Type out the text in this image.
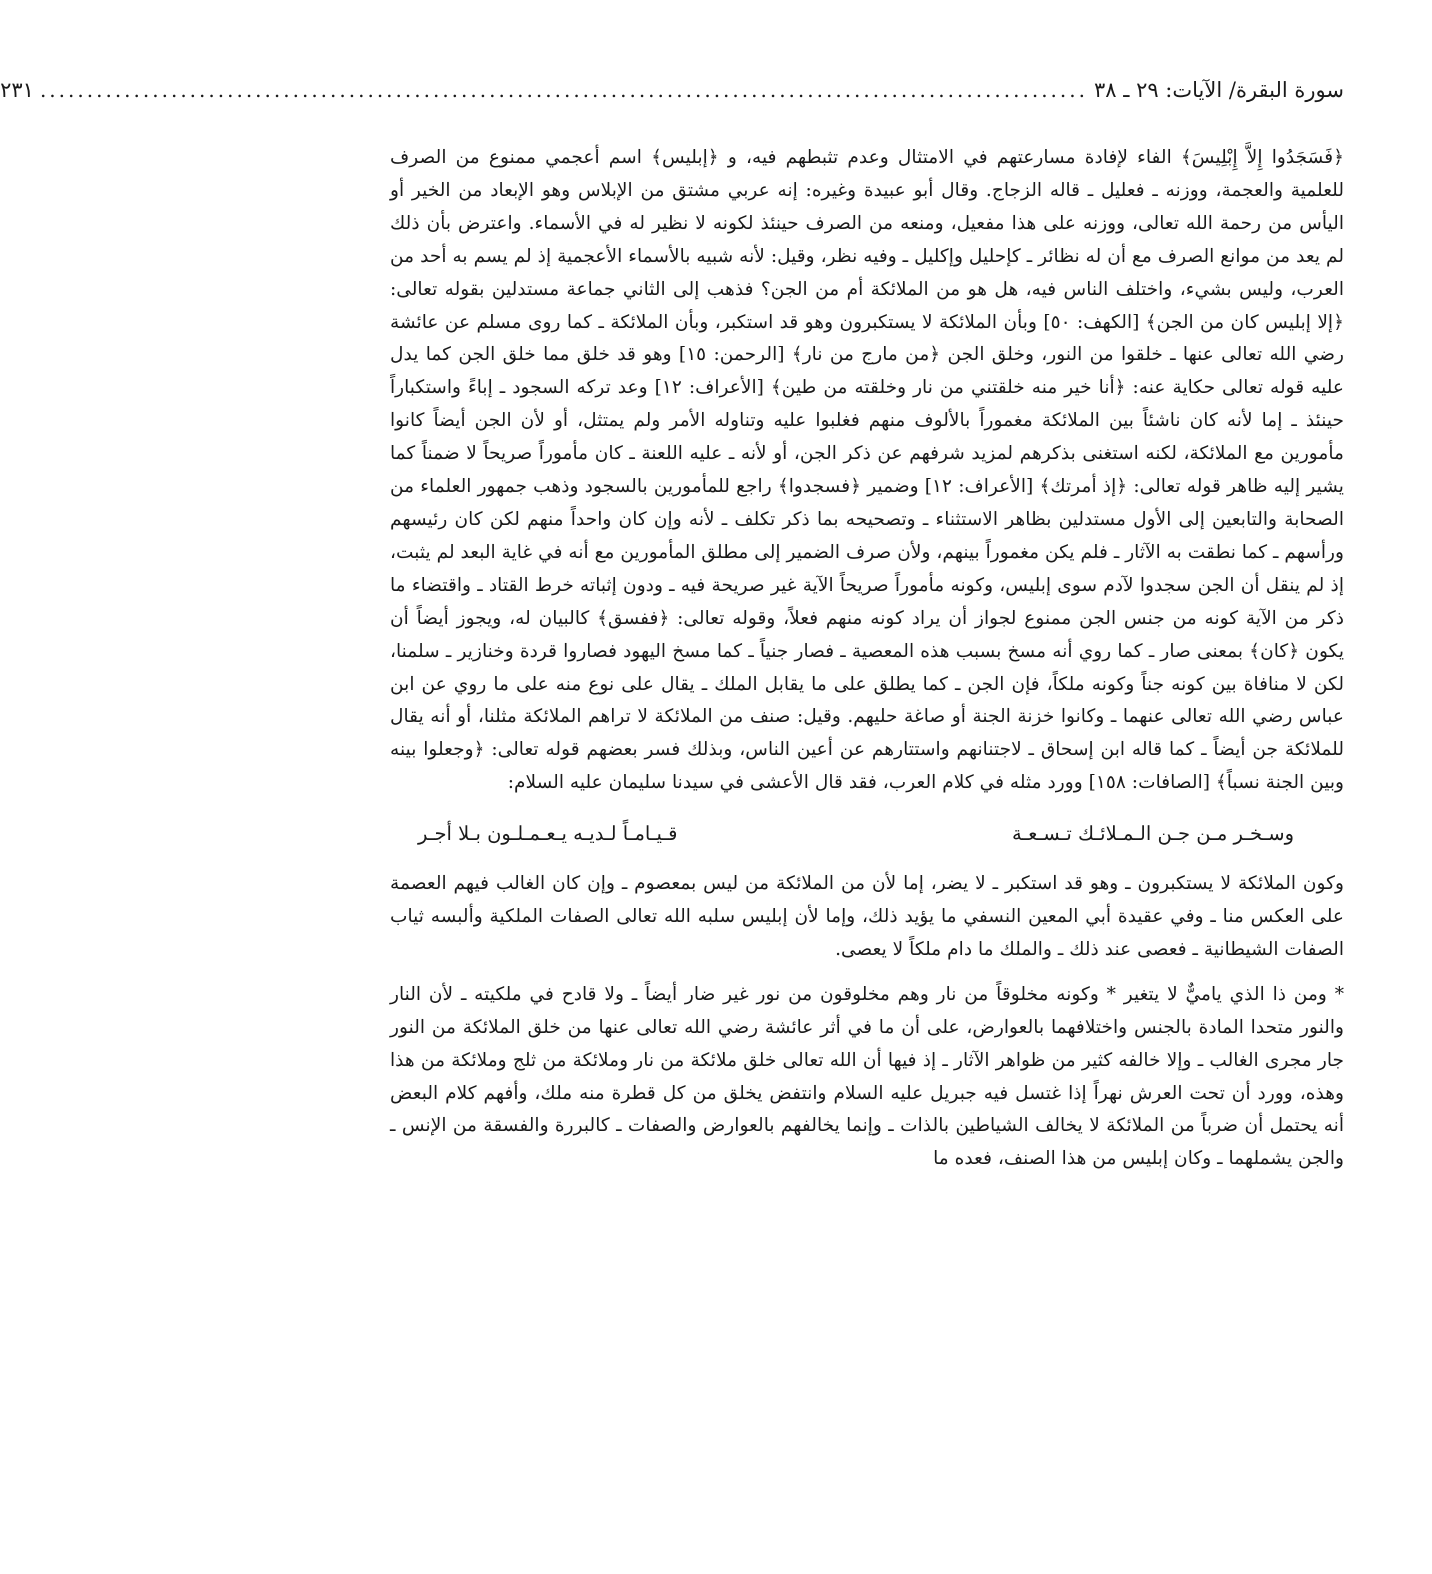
سورة البقرة/ الآيات: ٢٩ ـ ٣٨
................................................................................................................
٢٣١

﴿فَسَجَدُوا إِلاَّ إِبْلِيسَ﴾ الفاء لإفادة مسارعتهم في الامتثال وعدم تثبطهم فيه، و ﴿إبليس﴾ اسم أعجمي ممنوع من الصرف للعلمية والعجمة، ووزنه ـ فعليل ـ قاله الزجاج. وقال أبو عبيدة وغيره: إنه عربي مشتق من الإبلاس وهو الإبعاد من الخير أو اليأس من رحمة الله تعالى، ووزنه على هذا مفعيل، ومنعه من الصرف حينئذ لكونه لا نظير له في الأسماء. واعترض بأن ذلك لم يعد من موانع الصرف مع أن له نظائر ـ كإحليل وإكليل ـ وفيه نظر، وقيل: لأنه شبيه بالأسماء الأعجمية إذ لم يسم به أحد من العرب، وليس بشيء، واختلف الناس فيه، هل هو من الملائكة أم من الجن؟ فذهب إلى الثاني جماعة مستدلين بقوله تعالى: ﴿إلا إبليس كان من الجن﴾ [الكهف: ٥٠] وبأن الملائكة لا يستكبرون وهو قد استكبر، وبأن الملائكة ـ كما روى مسلم عن عائشة رضي الله تعالى عنها ـ خلقوا من النور، وخلق الجن ﴿من مارج من نار﴾ [الرحمن: ١٥] وهو قد خلق مما خلق الجن كما يدل عليه قوله تعالى حكاية عنه: ﴿أنا خير منه خلقتني من نار وخلقته من طين﴾ [الأعراف: ١٢] وعد تركه السجود ـ إباءً واستكباراً حينئذ ـ إما لأنه كان ناشئاً بين الملائكة مغموراً بالألوف منهم فغلبوا عليه وتناوله الأمر ولم يمتثل، أو لأن الجن أيضاً كانوا مأمورين مع الملائكة، لكنه استغنى بذكرهم لمزيد شرفهم عن ذكر الجن، أو لأنه ـ عليه اللعنة ـ كان مأموراً صريحاً لا ضمناً كما يشير إليه ظاهر قوله تعالى: ﴿إذ أمرتك﴾ [الأعراف: ١٢] وضمير ﴿فسجدوا﴾ راجع للمأمورين بالسجود وذهب جمهور العلماء من الصحابة والتابعين إلى الأول مستدلين بظاهر الاستثناء ـ وتصحيحه بما ذكر تكلف ـ لأنه وإن كان واحداً منهم لكن كان رئيسهم ورأسهم ـ كما نطقت به الآثار ـ فلم يكن مغموراً بينهم، ولأن صرف الضمير إلى مطلق المأمورين مع أنه في غاية البعد لم يثبت، إذ لم ينقل أن الجن سجدوا لآدم سوى إبليس، وكونه مأموراً صريحاً الآية غير صريحة فيه ـ ودون إثباته خرط القتاد ـ واقتضاء ما ذكر من الآية كونه من جنس الجن ممنوع لجواز أن يراد كونه منهم فعلاً، وقوله تعالى: ﴿ففسق﴾ كالبيان له، ويجوز أيضاً أن يكون ﴿كان﴾ بمعنى صار ـ كما روي أنه مسخ بسبب هذه المعصية ـ فصار جنياً ـ كما مسخ اليهود فصاروا قردة وخنازير ـ سلمنا، لكن لا منافاة بين كونه جناً وكونه ملكاً، فإن الجن ـ كما يطلق على ما يقابل الملك ـ يقال على نوع منه على ما روي عن ابن عباس رضي الله تعالى عنهما ـ وكانوا خزنة الجنة أو صاغة حليهم. وقيل: صنف من الملائكة لا تراهم الملائكة مثلنا، أو أنه يقال للملائكة جن أيضاً ـ كما قاله ابن إسحاق ـ لاجتنانهم واستتارهم عن أعين الناس، وبذلك فسر بعضهم قوله تعالى: ﴿وجعلوا بينه وبين الجنة نسباً﴾ [الصافات: ١٥٨] وورد مثله في كلام العرب، فقد قال الأعشى في سيدنا سليمان عليه السلام:

وسـخـر مـن جـن الـمـلائـك تـسـعـة
قـيـامـاً لـديـه يـعـمـلـون بـلا أجـر

وكون الملائكة لا يستكبرون ـ وهو قد استكبر ـ لا يضر، إما لأن من الملائكة من ليس بمعصوم ـ وإن كان الغالب فيهم العصمة على العكس منا ـ وفي عقيدة أبي المعين النسفي ما يؤيد ذلك، وإما لأن إبليس سلبه الله تعالى الصفات الملكية وألبسه ثياب الصفات الشيطانية ـ فعصى عند ذلك ـ والملك ما دام ملكاً لا يعصى.

* ومن ذا الذي ياميٌّ لا يتغير * وكونه مخلوقاً من نار وهم مخلوقون من نور غير ضار أيضاً ـ ولا قادح في ملكيته ـ لأن النار والنور متحدا المادة بالجنس واختلافهما بالعوارض، على أن ما في أثر عائشة رضي الله تعالى عنها من خلق الملائكة من النور جار مجرى الغالب ـ وإلا خالفه كثير من ظواهر الآثار ـ إذ فيها أن الله تعالى خلق ملائكة من نار وملائكة من ثلج وملائكة من هذا وهذه، وورد أن تحت العرش نهراً إذا غتسل فيه جبريل عليه السلام وانتفض يخلق من كل قطرة منه ملك، وأفهم كلام البعض أنه يحتمل أن ضرباً من الملائكة لا يخالف الشياطين بالذات ـ وإنما يخالفهم بالعوارض والصفات ـ كالبررة والفسقة من الإنس ـ والجن يشملهما ـ وكان إبليس من هذا الصنف، فعده ما
